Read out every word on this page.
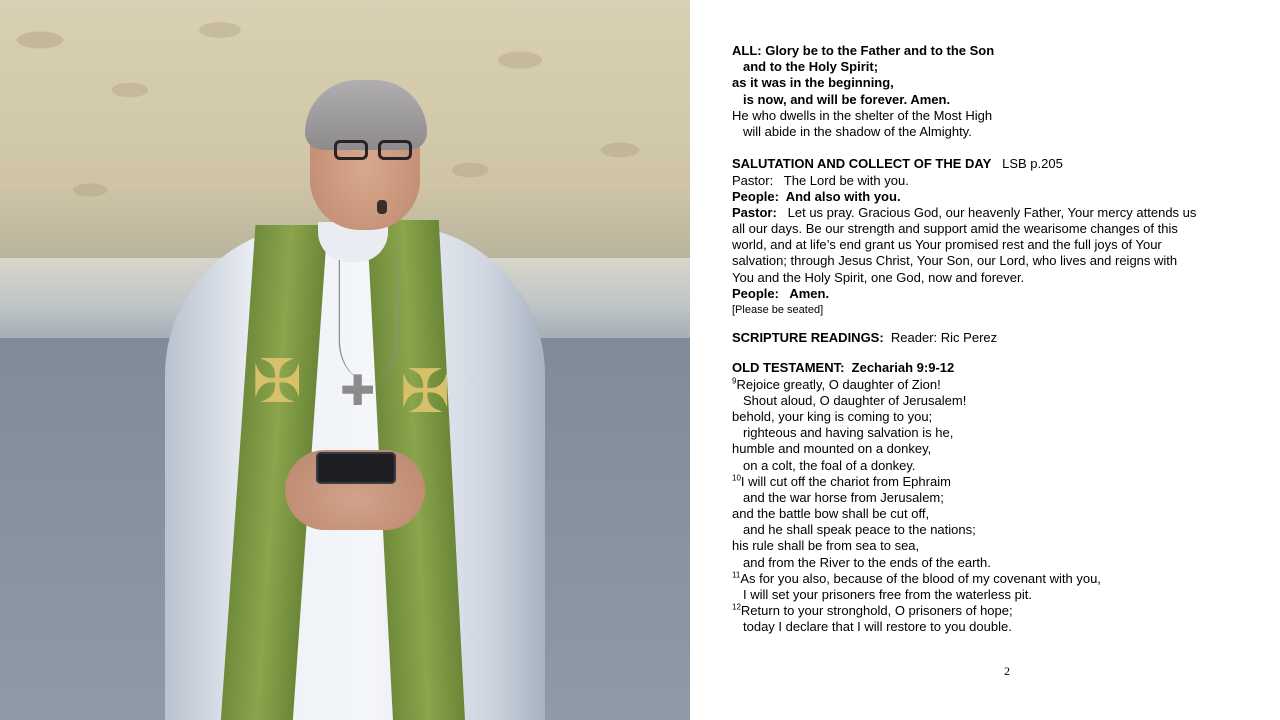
✚
✠ ✠
ALL: Glory be to the Father and to the Son
and to the Holy Spirit;
as it was in the beginning,
is now, and will be forever. Amen.
He who dwells in the shelter of the Most High
will abide in the shadow of the Almighty.
SALUTATION AND COLLECT OF THE DAY LSB p.205
Pastor: The Lord be with you.
People: And also with you.
Pastor: Let us pray. Gracious God, our heavenly Father, Your mercy attends us
all our days. Be our strength and support amid the wearisome changes of this
world, and at life’s end grant us Your promised rest and the full joys of Your
salvation; through Jesus Christ, Your Son, our Lord, who lives and reigns with
You and the Holy Spirit, one God, now and forever.
People: Amen.
[Please be seated]
SCRIPTURE READINGS: Reader: Ric Perez
OLD TESTAMENT: Zechariah 9:9-12
$^9$Rejoice greatly, O daughter of Zion!
Shout aloud, O daughter of Jerusalem!
behold, your king is coming to you;
righteous and having salvation is he,
humble and mounted on a donkey,
on a colt, the foal of a donkey.
$^{10}$I will cut off the chariot from Ephraim
and the war horse from Jerusalem;
and the battle bow shall be cut off,
and he shall speak peace to the nations;
his rule shall be from sea to sea,
and from the River to the ends of the earth.
$^{11}$As for you also, because of the blood of my covenant with you,
I will set your prisoners free from the waterless pit.
$^{12}$Return to your stronghold, O prisoners of hope;
today I declare that I will restore to you double.
2
